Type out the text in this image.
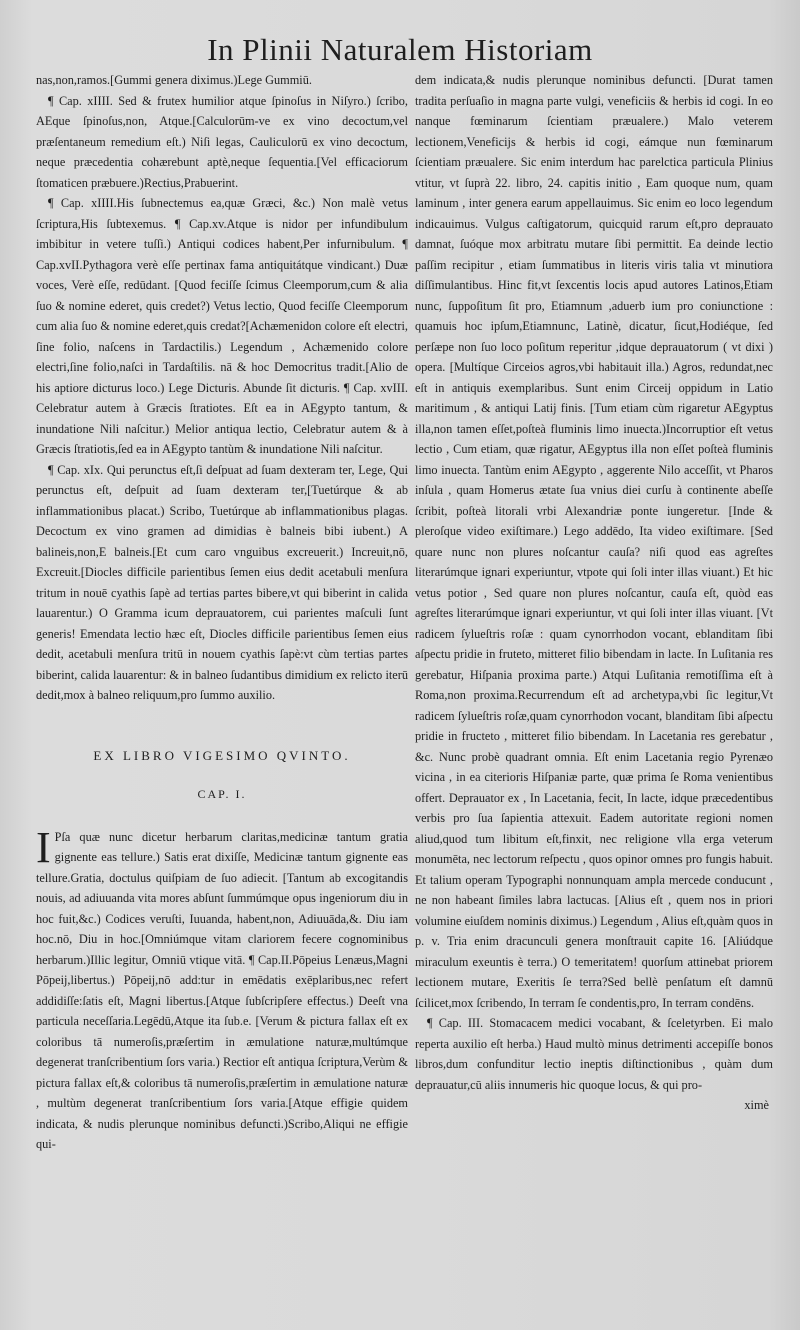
In Plinii Naturalem Historiam

nas,non,ramos.[Gummi genera diximus.)Lege Gummiū.

¶ Cap. xIIII. Sed & frutex humilior atque ſpinoſus in Niſyro.) ſcribo, AEque ſpinoſus,non, Atque.[Calculorūm-ve ex vino decoctum,vel præſentaneum remedium eſt.) Niſi legas, Cauliculorū ex vino decoctum, neque præcedentia cohærebunt aptè,neque ſequentia.[Vel efficaciorum ſtomaticen præbuere.)Rectius,Prabuerint.

¶ Cap. xIIII.His ſubnectemus ea,quæ Græci, &c.) Non malè vetus ſcriptura,His ſubtexemus. ¶ Cap.xv.Atque is nidor per infundibulum imbibitur in vetere tuſſi.) Antiqui codices habent,Per infurnibulum. ¶ Cap.xvII.Pythagora verè eſſe pertinax fama antiquitátque vindicant.) Duæ voces, Verè eſſe, redūdant. [Quod feciſſe ſcimus Cleemporum,cum & alia ſuo & nomine ederet, quis credet?) Vetus lectio, Quod feciſſe Cleemporum cum alia ſuo & nomine ederet,quis credat?[Achæmenidon colore eſt electri, ſine folio, naſcens in Tardactilis.) Legendum , Achæmenido colore electri,ſine folio,naſci in Tardaſtilis. nā & hoc Democritus tradit.[Alio de his aptiore dicturus loco.) Lege Dicturis. Abunde ſit dicturis. ¶ Cap. xvIII. Celebratur autem à Græcis ſtratiotes. Eſt ea in AEgypto tantum, & inundatione Nili naſcitur.) Melior antiqua lectio, Celebratur autem & à Græcis ſtratiotis,ſed ea in AEgypto tantùm & inundatione Nili naſcitur.

¶ Cap. xIx. Qui perunctus eſt,ſi deſpuat ad ſuam dexteram ter, Lege, Qui perunctus eſt, deſpuit ad ſuam dexteram ter,[Tuetúrque & ab inflammationibus placat.) Scribo, Tuetúrque ab inflammationibus plagas. Decoctum ex vino gramen ad dimidias è balneis bibi iubent.) A balineis,non,E balneis.[Et cum caro vnguibus excreuerit.) Increuit,nō, Excreuit.[Diocles difficile parientibus ſemen eius dedit acetabuli menſura tritum in nouē cyathis ſapè ad tertias partes bibere,vt qui biberint in calida lauarentur.) O Gramma icum deprauatorem, cui parientes maſculi ſunt generis! Emendata lectio hæc eſt, Diocles difficile parientibus ſemen eius dedit, acetabuli menſura tritū in nouem cyathis ſapè:vt cùm tertias partes biberint, calida lauarentur: & in balneo ſudantibus dimidium ex relicto iterū dedit,mox à balneo reliquum,pro ſummo auxilio.

EX LIBRO VIGESIMO QVINTO.
CAP. I.

I Pſa quæ nunc dicetur herbarum claritas,medicinæ tantum gratia gignente eas tellure.) Satis erat dixiſſe, Medicinæ tantum gignente eas tellure.Gratia, doctulus quiſpiam de ſuo adiecit. [Tantum ab excogitandis nouis, ad adiuuanda vita mores abſunt ſummúmque opus ingeniorum diu in hoc fuit,&c.) Codices veruſti, Iuuanda, habent,non, Adiuuāda,&. Diu iam hoc.nō, Diu in hoc.[Omniúmque vitam clariorem fecere cognominibus herbarum.)Illic legitur, Omniū vtique vitā. ¶ Cap.II.Pōpeius Lenæus,Magni Pōpeij,libertus.) Pōpeij,nō add:tur in emēdatis exēplaribus,nec refert addidiſſe:ſatis eſt, Magni libertus.[Atque ſubſcripſere effectus.) Deeſt vna particula neceſſaria.Legēdū,Atque ita ſub.e. [Verum & pictura fallax eſt ex coloribus tā numeroſis,præſertim in æmulatione naturæ,multúmque degenerat tranſcribentium ſors varia.) Rectior eſt antiqua ſcriptura,Verùm & pictura fallax eſt,& coloribus tā numeroſis,præſertim in æmulatione naturæ , multùm degenerat tranſcribentium ſors varia.[Atque effigie quidem indicata, & nudis plerunque nominibus defuncti.)Scribo,Aliqui ne effigie qui-

dem indicata,& nudis plerunque nominibus defuncti. [Durat tamen tradita perſuaſio in magna parte vulgi, veneficiis & herbis id cogi. In eo nanque fœminarum ſcientiam præualere.) Malo veterem lectionem,Veneficijs & herbis id cogi, eámque nun fœminarum ſcientiam præualere. Sic enim interdum hac parelctica particula Plinius vtitur, vt ſuprà 22. libro, 24. capitis initio , Eam quoque num, quam laminum , inter genera earum appellauimus. Sic enim eo loco legendum indicauimus. Vulgus caſtigatorum, quicquid rarum eſt,pro deprauato damnat, ſuóque mox arbitratu mutare ſibi permittit. Ea deinde lectio paſſim recipitur , etiam ſummatibus in literis viris talia vt minutiora diſſimulantibus. Hinc fit,vt ſexcentis locis apud autores Latinos,Etiam nunc, ſuppoſitum ſit pro, Etiamnum ,aduerb ium pro coniunctione : quamuis hoc ipſum,Etiamnunc, Latinè, dicatur, ſicut,Hodiéque, ſed perſæpe non ſuo loco poſitum reperitur ,idque deprauatorum ( vt dixi ) opera. [Multíque Circeios agros,vbi habitauit illa.) Agros, redundat,nec eſt in antiquis exemplaribus. Sunt enim Circeij oppidum in Latio maritimum , & antiqui Latij finis. [Tum etiam cùm rigaretur AEgyptus illa,non tamen eſſet,poſteà fluminis limo inuecta.)Incorruptior eſt vetus lectio , Cum etiam, quæ rigatur, AEgyptus illa non eſſet poſteà fluminis limo inuecta. Tantùm enim AEgypto , aggerente Nilo acceſſit, vt Pharos inſula , quam Homerus ætate ſua vnius diei curſu à continente abeſſe ſcribit, poſteà litorali vrbi Alexandriæ ponte iungeretur. [Inde & pleroſque video exiſtimare.) Lego addēdo, Ita video exiſtimare. [Sed quare nunc non plures noſcantur cauſa? niſi quod eas agreſtes literarúmque ignari experiuntur, vtpote qui ſoli inter illas viuant.) Et hic vetus potior , Sed quare non plures noſcantur, cauſa eſt, quòd eas agreſtes literarúmque ignari experiuntur, vt qui ſoli inter illas viuant. [Vt radicem ſylueſtris roſæ : quam cynorrhodon vocant, eblanditam ſibi aſpectu pridie in fruteto, mitteret filio bibendam in lacte. In Luſitania res gerebatur, Hiſpania proxima parte.) Atqui Luſitania remotiſſima eſt à Roma,non proxima.Recurrendum eſt ad archetypa,vbi ſic legitur,Vt radicem ſylueſtris roſæ,quam cynorrhodon vocant, blanditam ſibi aſpectu pridie in fructeto , mitteret filio bibendam. In Lacetania res gerebatur , &c. Nunc probè quadrant omnia. Eſt enim Lacetania regio Pyrenæo vicina , in ea citerioris Hiſpaniæ parte, quæ prima ſe Roma venientibus offert. Deprauator ex , In Lacetania, fecit, In lacte, idque præcedentibus verbis pro ſua ſapientia attexuit. Eadem autoritate regioni nomen aliud,quod tum libitum eſt,finxit, nec religione vlla erga veterum monumēta, nec lectorum reſpectu , quos opinor omnes pro fungis habuit. Et talium operam Typographi nonnunquam ampla mercede conducunt , ne non habeant ſimiles labra lactucas. [Alius eſt , quem nos in priori volumine eiuſdem nominis diximus.) Legendum , Alius eſt,quàm quos in p. v. Tria enim dracunculi genera monſtrauit capite 16. [Aliúdque miraculum exeuntis è terra.) O temeritatem! quorſum attinebat priorem lectionem mutare, Exeritis ſe terra?Sed bellè penſatum eſt damnū ſcilicet,mox ſcribendo, In terram ſe condentis,pro, In terram condēns.

¶ Cap. III. Stomacacem medici vocabant, & ſceletyrben. Ei malo reperta auxilio eſt herba.) Haud multò minus detrimenti accepiſſe bonos libros,dum confunditur lectio ineptis diſtinctionibus , quàm dum deprauatur,cū aliis innumeris hic quoque locus, & qui pro-

ximè
